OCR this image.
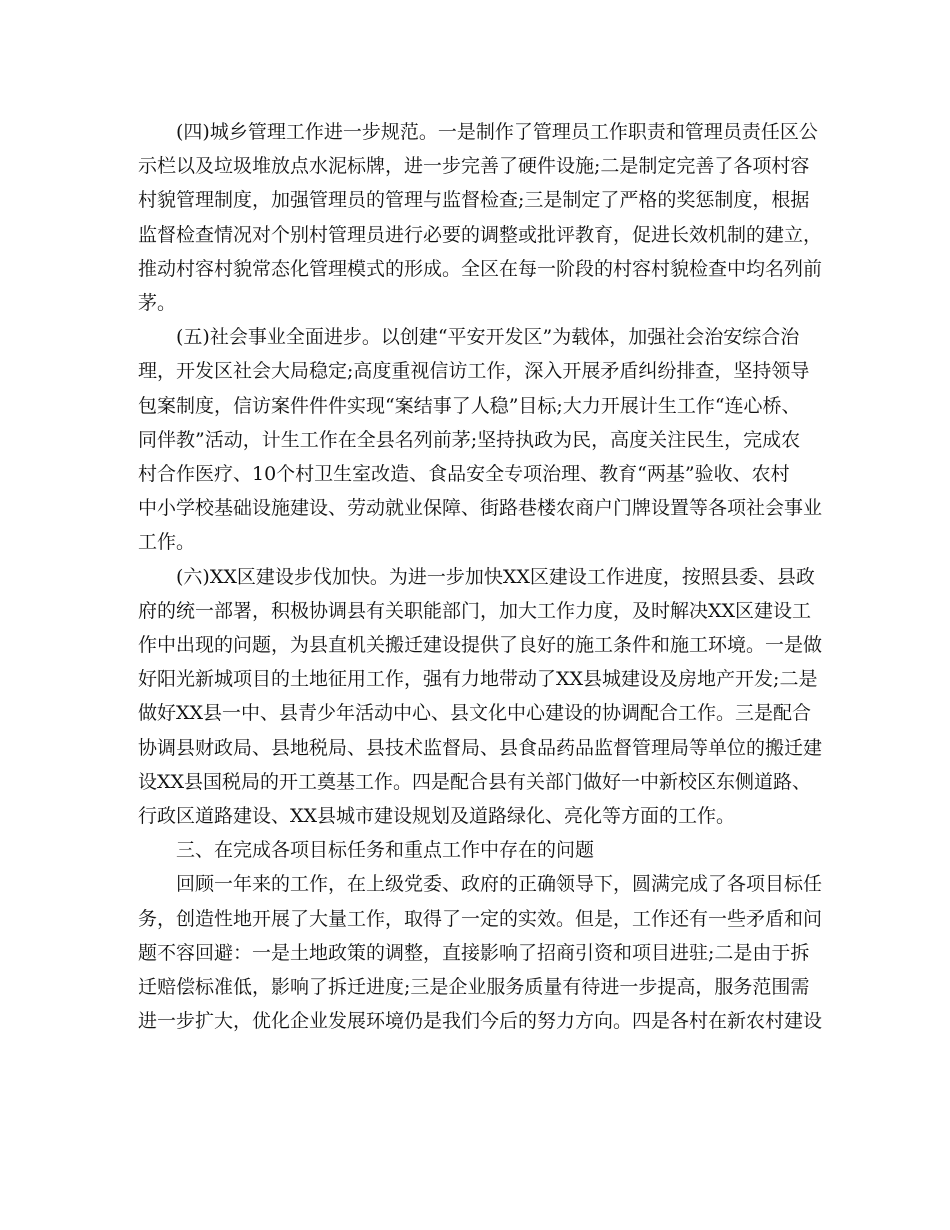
(四)城乡管理工作进一步规范。一是制作了管理员工作职责和管理员责任区公
示栏以及垃圾堆放点水泥标牌，进一步完善了硬件设施;二是制定完善了各项村容
村貌管理制度，加强管理员的管理与监督检查;三是制定了严格的奖惩制度，根据
监督检查情况对个别村管理员进行必要的调整或批评教育，促进长效机制的建立，
推动村容村貌常态化管理模式的形成。全区在每一阶段的村容村貌检查中均名列前
茅。

(五)社会事业全面进步。以创建“平安开发区”为载体，加强社会治安综合治
理，开发区社会大局稳定;高度重视信访工作，深入开展矛盾纠纷排查，坚持领导
包案制度，信访案件件件实现“案结事了人稳”目标;大力开展计生工作“连心桥、
同伴教”活动，计生工作在全县名列前茅;坚持执政为民，高度关注民生，完成农
村合作医疗、10个村卫生室改造、食品安全专项治理、教育“两基”验收、农村
中小学校基础设施建设、劳动就业保障、街路巷楼农商户门牌设置等各项社会事业
工作。

(六)XX区建设步伐加快。为进一步加快XX区建设工作进度，按照县委、县政
府的统一部署，积极协调县有关职能部门，加大工作力度，及时解决XX区建设工
作中出现的问题，为县直机关搬迁建设提供了良好的施工条件和施工环境。一是做
好阳光新城项目的土地征用工作，强有力地带动了XX县城建设及房地产开发;二是
做好XX县一中、县青少年活动中心、县文化中心建设的协调配合工作。三是配合
协调县财政局、县地税局、县技术监督局、县食品药品监督管理局等单位的搬迁建
设XX县国税局的开工奠基工作。四是配合县有关部门做好一中新校区东侧道路、
行政区道路建设、XX县城市建设规划及道路绿化、亮化等方面的工作。

三、在完成各项目标任务和重点工作中存在的问题

回顾一年来的工作，在上级党委、政府的正确领导下，圆满完成了各项目标任
务，创造性地开展了大量工作，取得了一定的实效。但是，工作还有一些矛盾和问
题不容回避：一是土地政策的调整，直接影响了招商引资和项目进驻;二是由于拆
迁赔偿标准低，影响了拆迁进度;三是企业服务质量有待进一步提高，服务范围需
进一步扩大，优化企业发展环境仍是我们今后的努力方向。四是各村在新农村建设
